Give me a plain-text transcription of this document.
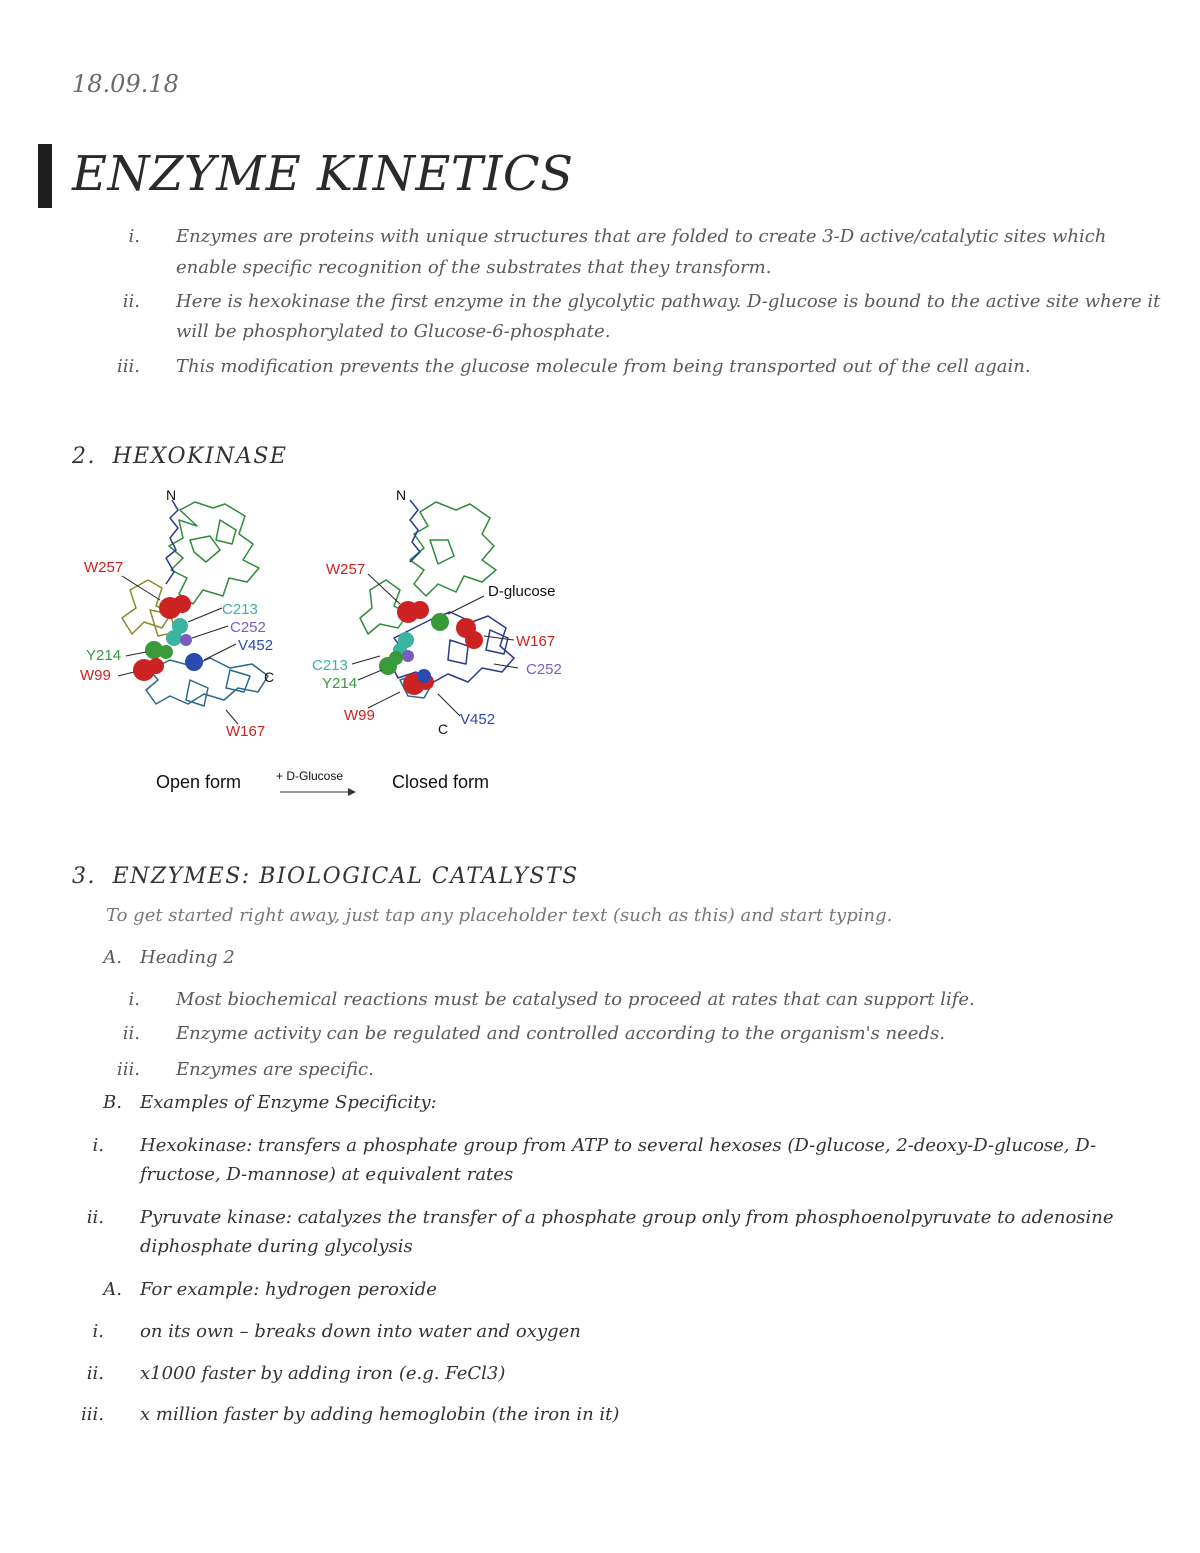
18.09.18
ENZYME KINETICS
i. Enzymes are proteins with unique structures that are folded to create 3-D active/catalytic sites which
enable specific recognition of the substrates that they transform.
ii. Here is hexokinase the first enzyme in the glycolytic pathway. D-glucose is bound to the active site where it
will be phosphorylated to Glucose-6-phosphate.
iii. This modification prevents the glucose molecule from being transported out of the cell again.
2. HEXOKINASE
N
W257
C213
C252
V452
Y214
C
W99
W167
N
W257
D-glucose
W167
C213	C252
Y214
W99	V452
C
Open form	+ D-Glucose	Closed form
3. ENZYMES: BIOLOGICAL CATALYSTS
To get started right away, just tap any placeholder text (such as this) and start typing.
A. Heading 2
i. Most biochemical reactions must be catalysed to proceed at rates that can support life.
ii. Enzyme activity can be regulated and controlled according to the organism's needs.
iii. Enzymes are specific.
B. Examples of Enzyme Specificity:
i. Hexokinase: transfers a phosphate group from ATP to several hexoses (D-glucose, 2-deoxy-D-glucose, D-
fructose, D-mannose) at equivalent rates
ii. Pyruvate kinase: catalyzes the transfer of a phosphate group only from phosphoenolpyruvate to adenosine
diphosphate during glycolysis
A. For example: hydrogen peroxide
i. on its own – breaks down into water and oxygen
ii. x1000 faster by adding iron (e.g. FeCl3)
iii. x million faster by adding hemoglobin (the iron in it)
